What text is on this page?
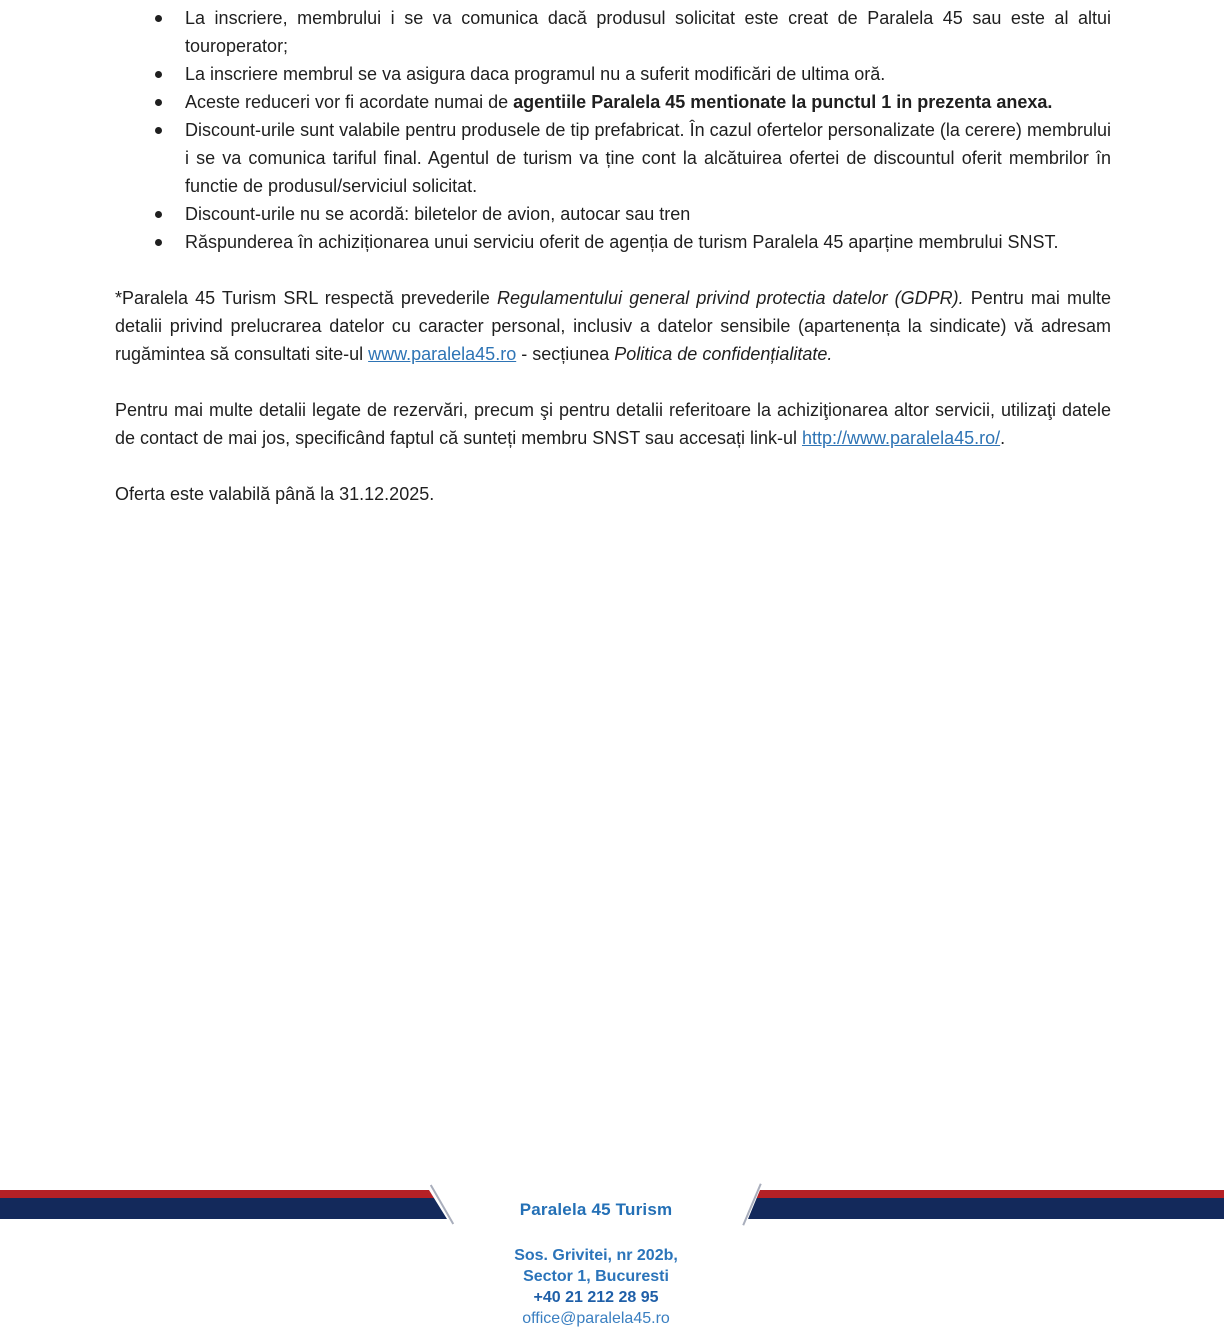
La inscriere, membrului i se va comunica dacă produsul solicitat este creat de Paralela 45 sau este al altui touroperator;
La inscriere membrul se va asigura daca programul nu a suferit modificări de ultima oră.
Aceste reduceri vor fi acordate numai de agentiile Paralela 45 mentionate la punctul 1 in prezenta anexa.
Discount-urile sunt valabile pentru produsele de tip prefabricat. În cazul ofertelor personalizate (la cerere) membrului i se va comunica tariful final. Agentul de turism va ține cont la alcătuirea ofertei de discountul oferit membrilor în functie de produsul/serviciul solicitat.
Discount-urile nu se acordă: biletelor de avion, autocar sau tren
Răspunderea în achiziționarea unui serviciu oferit de agenția de turism Paralela 45 aparține membrului SNST.

*Paralela 45 Turism SRL respectă prevederile Regulamentului general privind protectia datelor (GDPR). Pentru mai multe detalii privind prelucrarea datelor cu caracter personal, inclusiv a datelor sensibile (apartenența la sindicate) vă adresam rugămintea să consultati site-ul www.paralela45.ro - secțiunea Politica de confidențialitate.

Pentru mai multe detalii legate de rezervări, precum şi pentru detalii referitoare la achiziţionarea altor servicii, utilizaţi datele de contact de mai jos, specificând faptul că sunteți membru SNST sau accesați link-ul http://www.paralela45.ro/.

Oferta este valabilă până la 31.12.2025.

Paralela 45 Turism
Sos. Grivitei, nr 202b,
Sector 1, Bucuresti
+40 21 212 28 95
office@paralela45.ro
